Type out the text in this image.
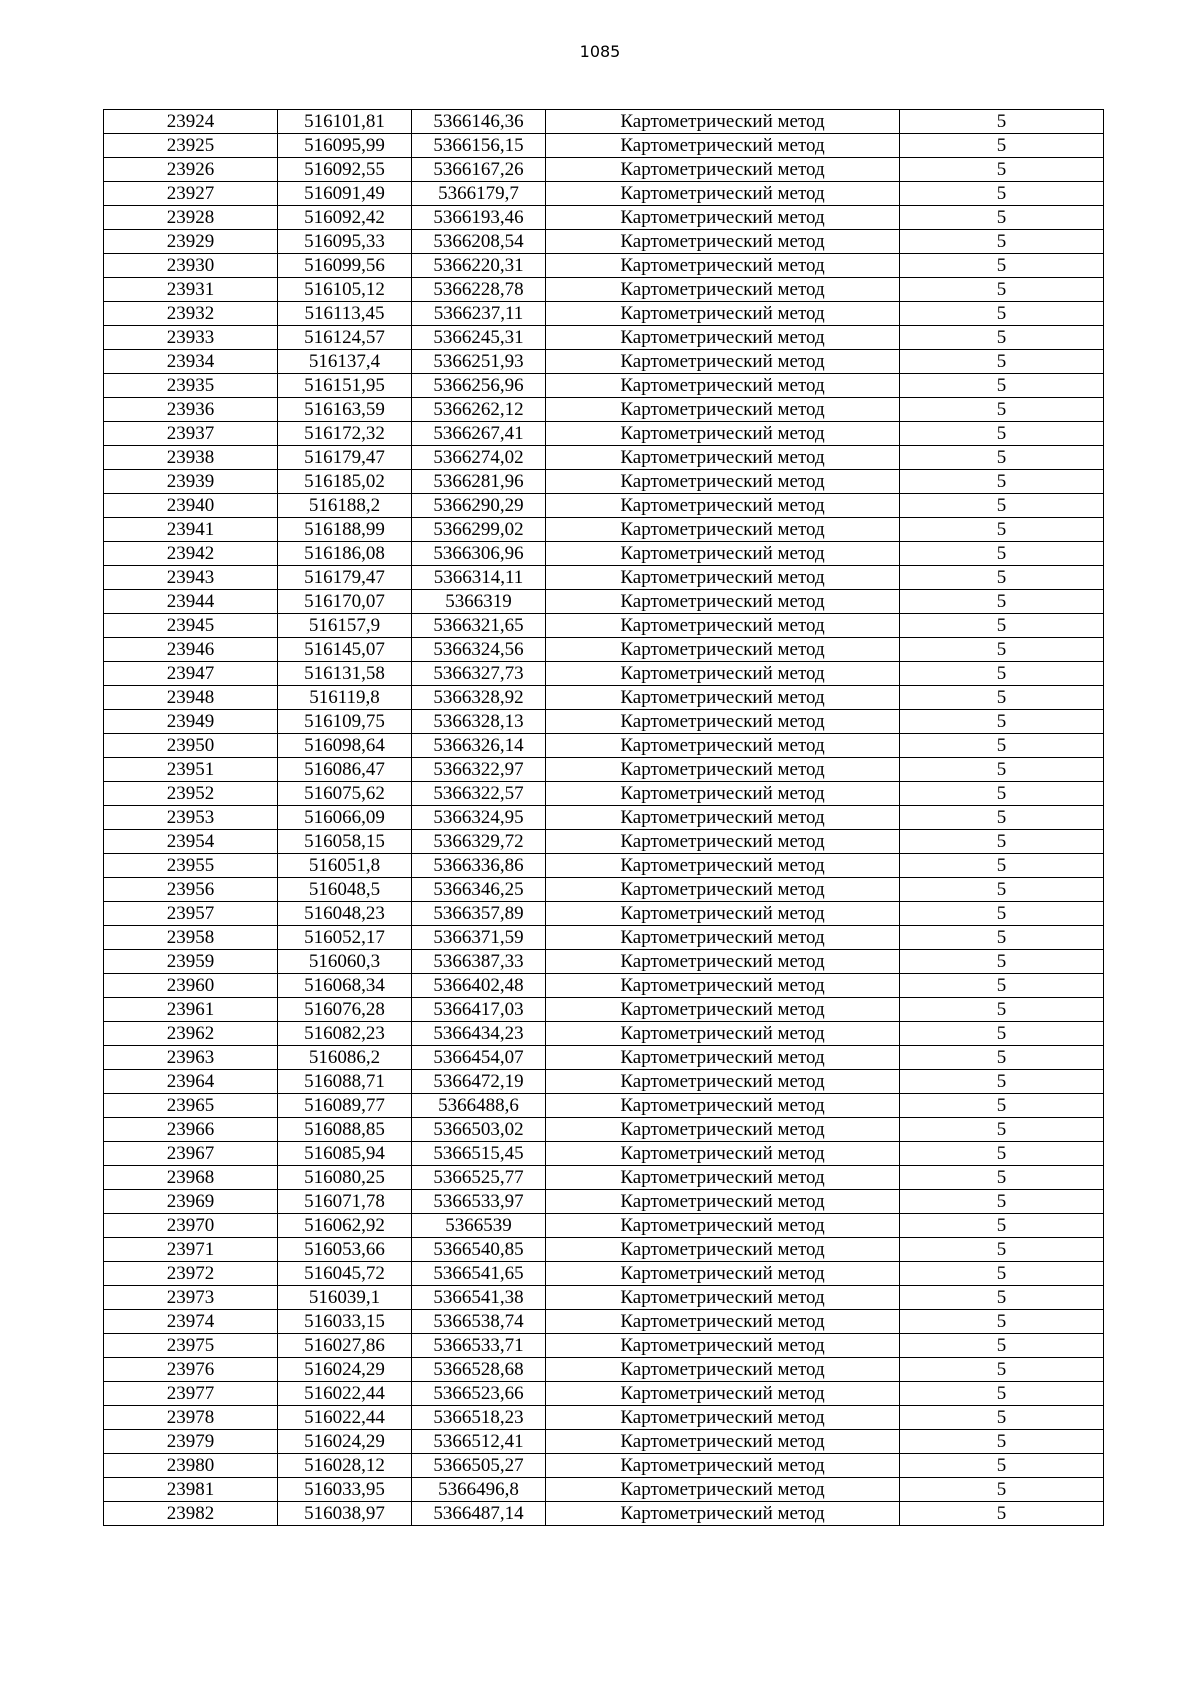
1085
23924	516101,81	5366146,36	Картометрический метод	5
23925	516095,99	5366156,15	Картометрический метод	5
23926	516092,55	5366167,26	Картометрический метод	5
23927	516091,49	5366179,7	Картометрический метод	5
23928	516092,42	5366193,46	Картометрический метод	5
23929	516095,33	5366208,54	Картометрический метод	5
23930	516099,56	5366220,31	Картометрический метод	5
23931	516105,12	5366228,78	Картометрический метод	5
23932	516113,45	5366237,11	Картометрический метод	5
23933	516124,57	5366245,31	Картометрический метод	5
23934	516137,4	5366251,93	Картометрический метод	5
23935	516151,95	5366256,96	Картометрический метод	5
23936	516163,59	5366262,12	Картометрический метод	5
23937	516172,32	5366267,41	Картометрический метод	5
23938	516179,47	5366274,02	Картометрический метод	5
23939	516185,02	5366281,96	Картометрический метод	5
23940	516188,2	5366290,29	Картометрический метод	5
23941	516188,99	5366299,02	Картометрический метод	5
23942	516186,08	5366306,96	Картометрический метод	5
23943	516179,47	5366314,11	Картометрический метод	5
23944	516170,07	5366319	Картометрический метод	5
23945	516157,9	5366321,65	Картометрический метод	5
23946	516145,07	5366324,56	Картометрический метод	5
23947	516131,58	5366327,73	Картометрический метод	5
23948	516119,8	5366328,92	Картометрический метод	5
23949	516109,75	5366328,13	Картометрический метод	5
23950	516098,64	5366326,14	Картометрический метод	5
23951	516086,47	5366322,97	Картометрический метод	5
23952	516075,62	5366322,57	Картометрический метод	5
23953	516066,09	5366324,95	Картометрический метод	5
23954	516058,15	5366329,72	Картометрический метод	5
23955	516051,8	5366336,86	Картометрический метод	5
23956	516048,5	5366346,25	Картометрический метод	5
23957	516048,23	5366357,89	Картометрический метод	5
23958	516052,17	5366371,59	Картометрический метод	5
23959	516060,3	5366387,33	Картометрический метод	5
23960	516068,34	5366402,48	Картометрический метод	5
23961	516076,28	5366417,03	Картометрический метод	5
23962	516082,23	5366434,23	Картометрический метод	5
23963	516086,2	5366454,07	Картометрический метод	5
23964	516088,71	5366472,19	Картометрический метод	5
23965	516089,77	5366488,6	Картометрический метод	5
23966	516088,85	5366503,02	Картометрический метод	5
23967	516085,94	5366515,45	Картометрический метод	5
23968	516080,25	5366525,77	Картометрический метод	5
23969	516071,78	5366533,97	Картометрический метод	5
23970	516062,92	5366539	Картометрический метод	5
23971	516053,66	5366540,85	Картометрический метод	5
23972	516045,72	5366541,65	Картометрический метод	5
23973	516039,1	5366541,38	Картометрический метод	5
23974	516033,15	5366538,74	Картометрический метод	5
23975	516027,86	5366533,71	Картометрический метод	5
23976	516024,29	5366528,68	Картометрический метод	5
23977	516022,44	5366523,66	Картометрический метод	5
23978	516022,44	5366518,23	Картометрический метод	5
23979	516024,29	5366512,41	Картометрический метод	5
23980	516028,12	5366505,27	Картометрический метод	5
23981	516033,95	5366496,8	Картометрический метод	5
23982	516038,97	5366487,14	Картометрический метод	5
